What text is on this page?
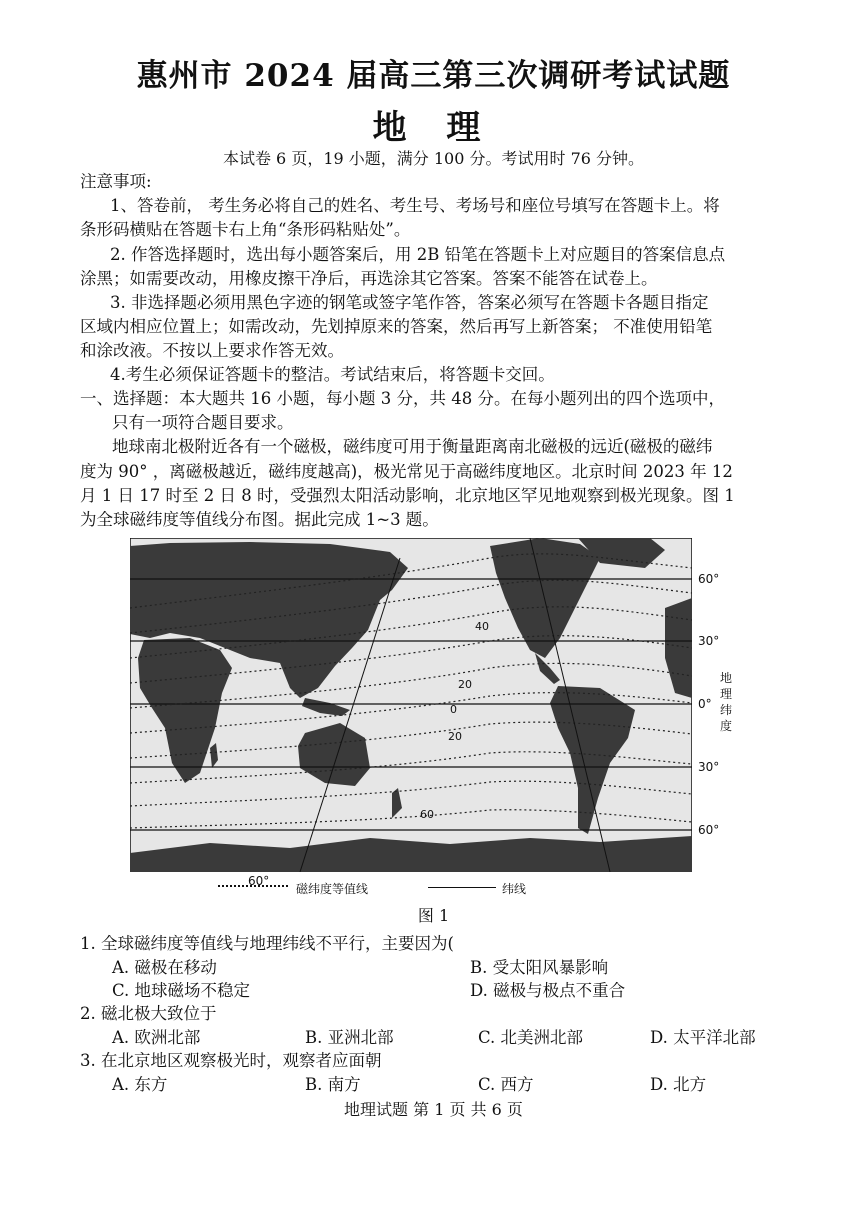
惠州市 2024 届高三第三次调研考试试题
地 理
本试卷 6 页，19 小题，满分 100 分。考试用时 76 分钟。
注意事项:
1、答卷前， 考生务必将自己的姓名、考生号、考场号和座位号填写在答题卡上。将
条形码横贴在答题卡右上角“条形码粘贴处”。
2. 作答选择题时，选出每小题答案后，用 2B 铅笔在答题卡上对应题目的答案信息点
涂黑；如需要改动，用橡皮擦干净后，再选涂其它答案。答案不能答在试卷上。
3. 非选择题必须用黑色字迹的钢笔或签字笔作答，答案必须写在答题卡各题目指定
区域内相应位置上；如需改动，先划掉原来的答案，然后再写上新答案； 不准使用铅笔
和涂改液。不按以上要求作答无效。
4.考生必须保证答题卡的整洁。考试结束后，将答题卡交回。
一、选择题：本大题共 16 小题，每小题 3 分，共 48 分。在每小题列出的四个选项中，
只有一项符合题目要求。
地球南北极附近各有一个磁极，磁纬度可用于衡量距离南北磁极的远近(磁极的磁纬
度为 90° ，离磁极越近，磁纬度越高)，极光常见于高磁纬度地区。北京时间 2023 年 12
月 1 日 17 时至 2 日 8 时，受强烈太阳活动影响，北京地区罕见地观察到极光现象。图 1
为全球磁纬度等值线分布图。据此完成 1~3 题。
40
20
0
20
60
60°
30°
0°
30°
60°
地理纬度
60°
磁纬度等值线	纬线
图 1
1. 全球磁纬度等值线与地理纬线不平行，主要因为(
A. 磁极在移动	B. 受太阳风暴影响
C. 地球磁场不稳定	D. 磁极与极点不重合
2. 磁北极大致位于
A. 欧洲北部	B. 亚洲北部	C. 北美洲北部	D. 太平洋北部
3. 在北京地区观察极光时，观察者应面朝
A. 东方	B. 南方	C. 西方	D. 北方
地理试题 第 1 页 共 6 页
